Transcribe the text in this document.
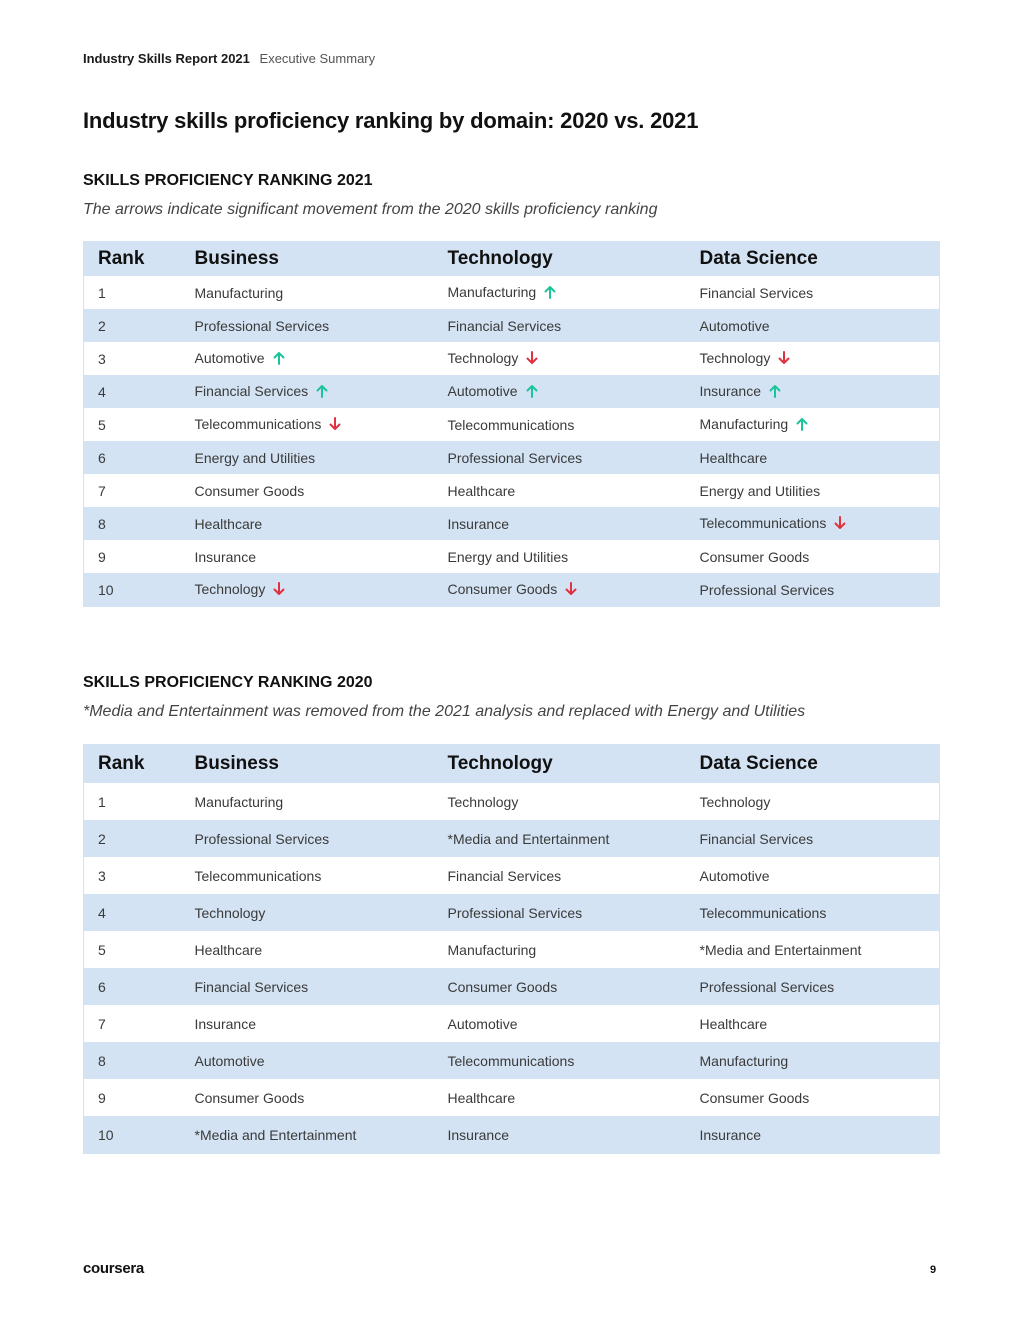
Industry Skills Report 2021 Executive Summary
Industry skills proficiency ranking by domain: 2020 vs. 2021
SKILLS PROFICIENCY RANKING 2021

The arrows indicate significant movement from the 2020 skills proficiency ranking

Rank	Business	Technology	Data Science
1	Manufacturing	Manufacturing	Financial Services
2	Professional Services	Financial Services	Automotive
3	Automotive	Technology	Technology
4	Financial Services	Automotive	Insurance
5	Telecommunications	Telecommunications	Manufacturing
6	Energy and Utilities	Professional Services	Healthcare
7	Consumer Goods	Healthcare	Energy and Utilities
8	Healthcare	Insurance	Telecommunications
9	Insurance	Energy and Utilities	Consumer Goods
10	Technology	Consumer Goods	Professional Services
SKILLS PROFICIENCY RANKING 2020

*Media and Entertainment was removed from the 2021 analysis and replaced with Energy and Utilities

Rank	Business	Technology	Data Science
1	Manufacturing	Technology	Technology
2	Professional Services	*Media and Entertainment	Financial Services
3	Telecommunications	Financial Services	Automotive
4	Technology	Professional Services	Telecommunications
5	Healthcare	Manufacturing	*Media and Entertainment
6	Financial Services	Consumer Goods	Professional Services
7	Insurance	Automotive	Healthcare
8	Automotive	Telecommunications	Manufacturing
9	Consumer Goods	Healthcare	Consumer Goods
10	*Media and Entertainment	Insurance	Insurance
coursera	9
